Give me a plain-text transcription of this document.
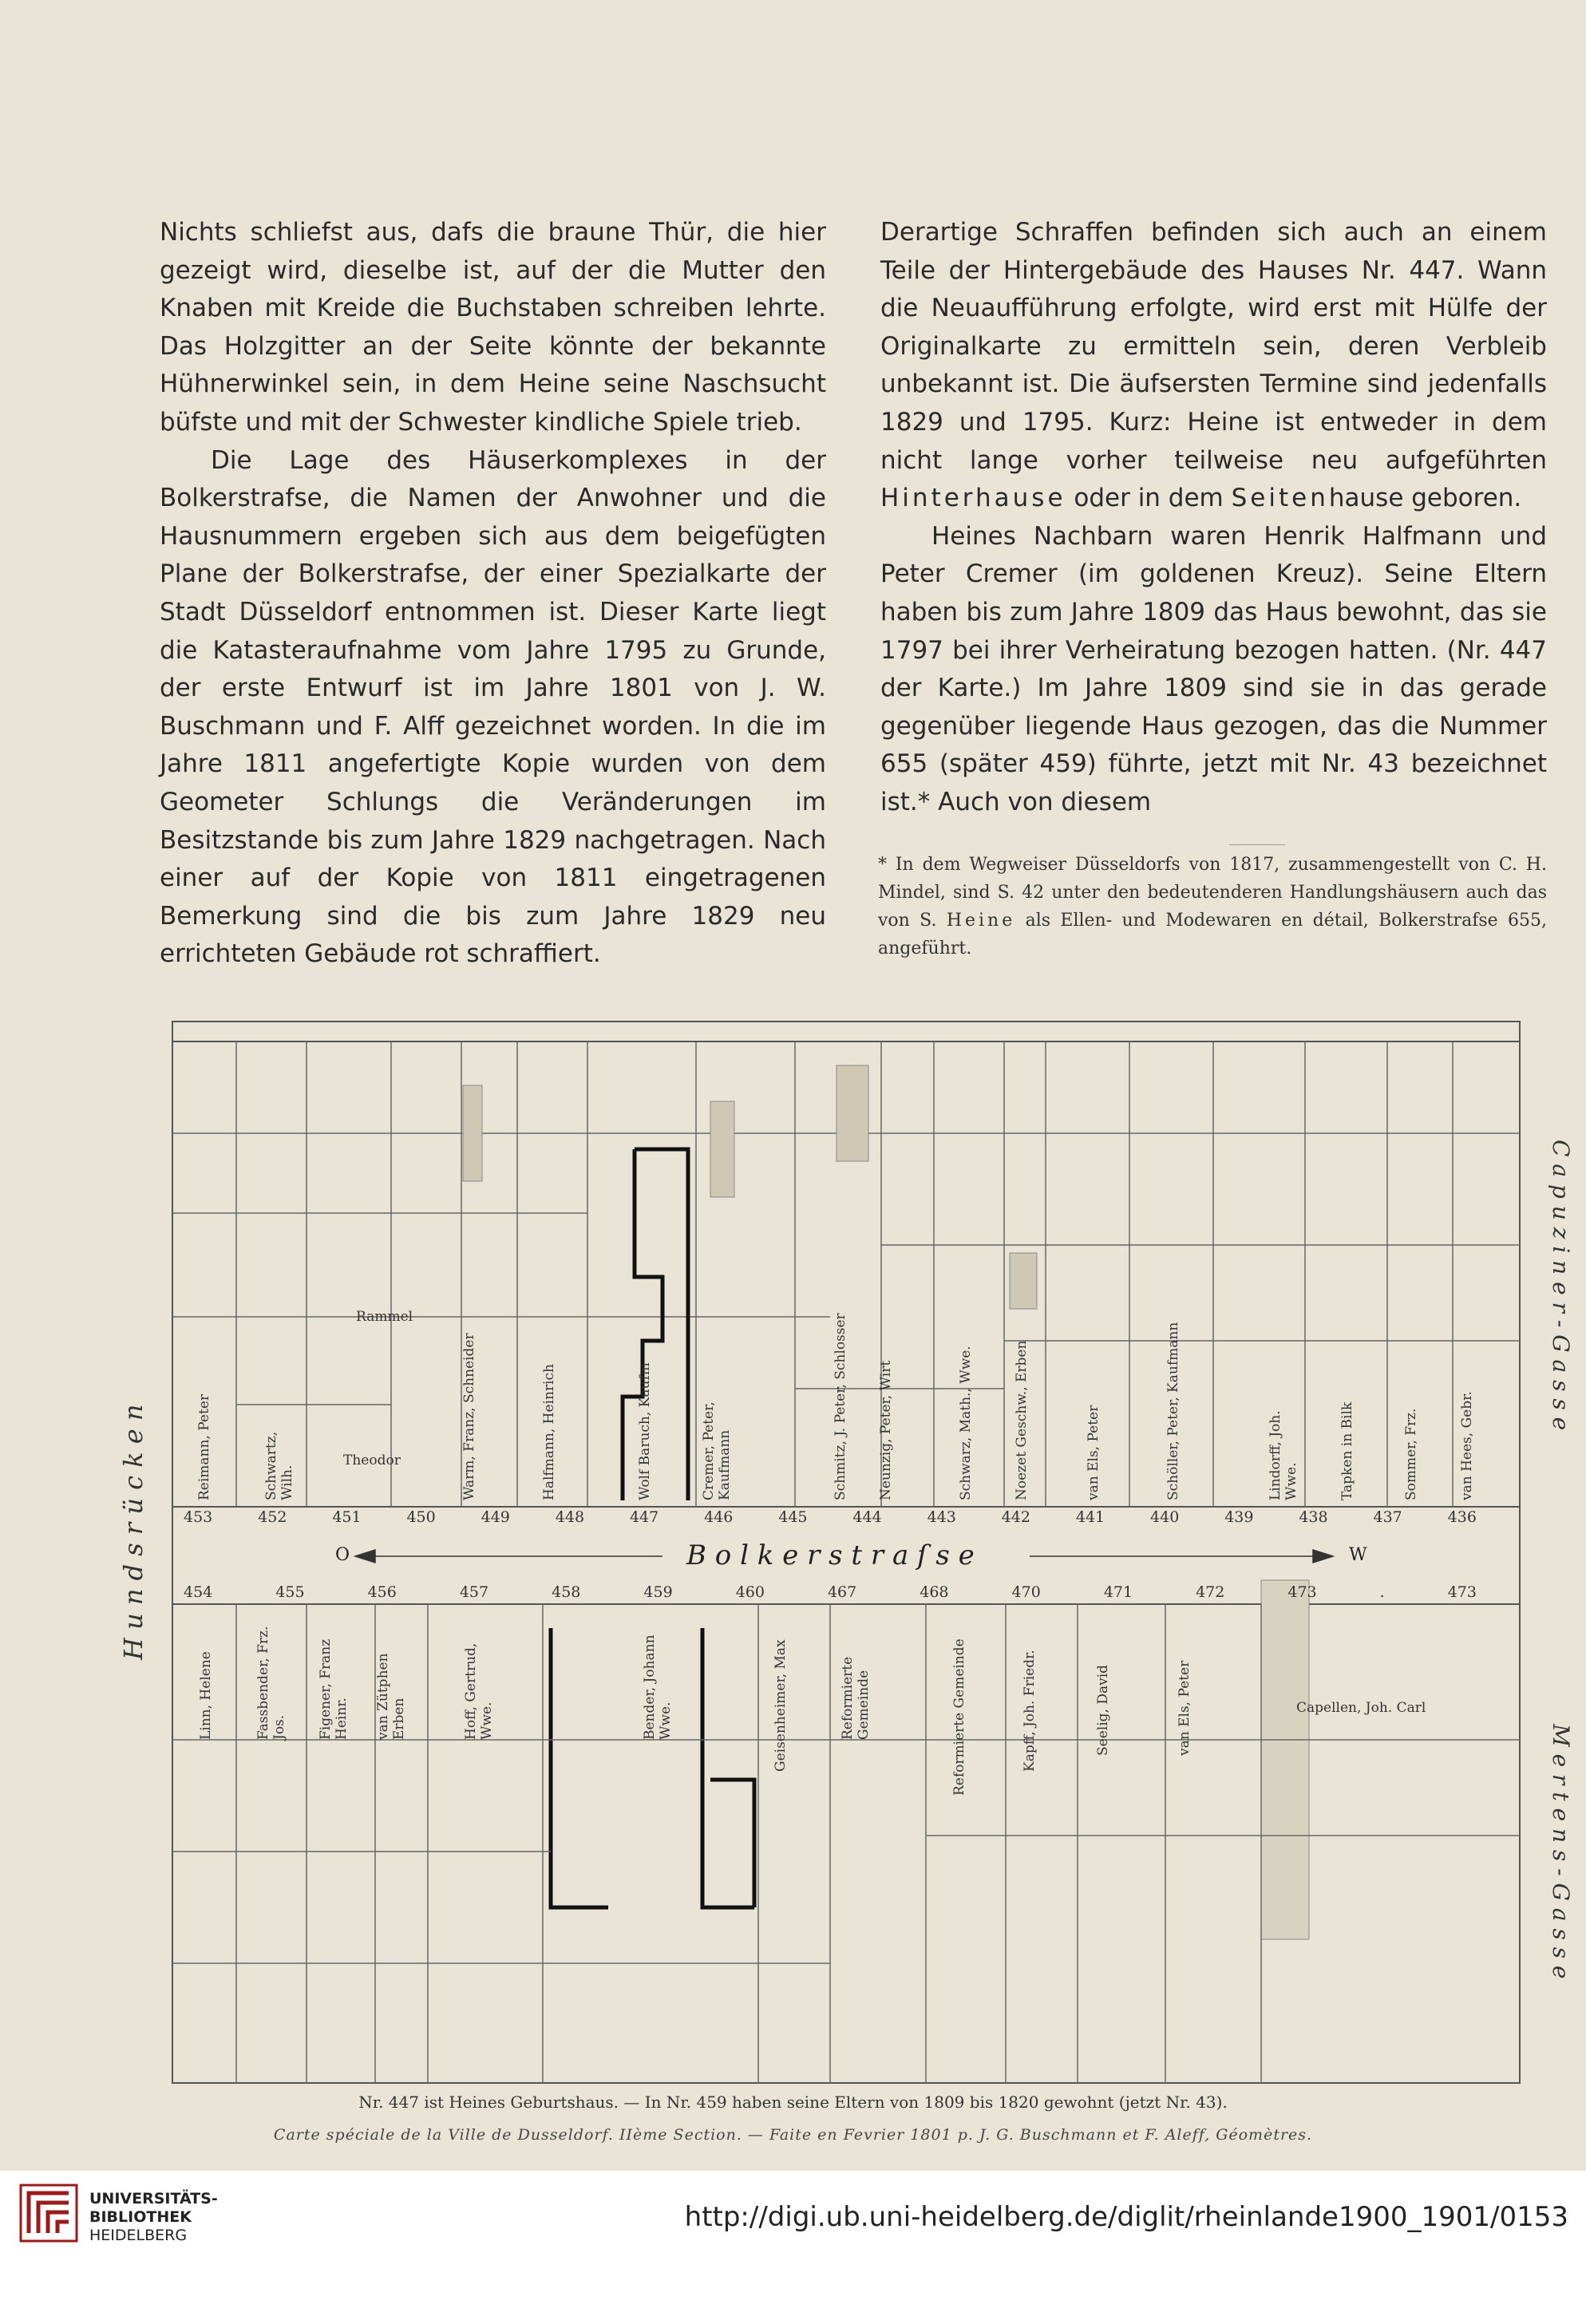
Nichts schliefst aus, dafs die braune Thür, die hier gezeigt wird, dieselbe ist, auf der die Mutter den Knaben mit Kreide die Buchstaben schreiben lehrte. Das Holzgitter an der Seite könnte der bekannte Hühnerwinkel sein, in dem Heine seine Naschsucht büfste und mit der Schwester kindliche Spiele trieb.

Die Lage des Häuserkomplexes in der Bolkerstrafse, die Namen der Anwohner und die Hausnummern ergeben sich aus dem beigefügten Plane der Bolkerstrafse, der einer Spezialkarte der Stadt Düsseldorf entnommen ist. Dieser Karte liegt die Katasteraufnahme vom Jahre 1795 zu Grunde, der erste Entwurf ist im Jahre 1801 von J. W. Buschmann und F. Alff gezeichnet worden. In die im Jahre 1811 angefertigte Kopie wurden von dem Geometer Schlungs die Veränderungen im Besitzstande bis zum Jahre 1829 nachgetragen. Nach einer auf der Kopie von 1811 eingetragenen Bemerkung sind die bis zum Jahre 1829 neu errichteten Gebäude rot schraffiert.

Derartige Schraffen befinden sich auch an einem Teile der Hintergebäude des Hauses Nr. 447. Wann die Neuaufführung erfolgte, wird erst mit Hülfe der Originalkarte zu ermitteln sein, deren Verbleib unbekannt ist. Die äufsersten Termine sind jedenfalls 1829 und 1795. Kurz: Heine ist entweder in dem nicht lange vorher teilweise neu aufgeführten Hinterhause oder in dem Seitenhause geboren.

Heines Nachbarn waren Henrik Halfmann und Peter Cremer (im goldenen Kreuz). Seine Eltern haben bis zum Jahre 1809 das Haus bewohnt, das sie 1797 bei ihrer Verheiratung bezogen hatten. (Nr. 447 der Karte.) Im Jahre 1809 sind sie in das gerade gegenüber liegende Haus gezogen, das die Nummer 655 (später 459) führte, jetzt mit Nr. 43 bezeichnet ist.* Auch von diesem

* In dem Wegweiser Düsseldorfs von 1817, zusammengestellt von C. H. Mindel, sind S. 42 unter den bedeutenderen Handlungshäusern auch das von S. Heine als Ellen- und Modewaren en détail, Bolkerstrafse 655, angeführt.
B o l k e r s t r a ſ s e
O	W
H u n d s r ü c k e n
C a p u z i n e r - G a s s e
M e r t e n s - G a s s e
453	452	451	450	449	448	447	446	445	444	443	442	441	440	439	438	437	436
454	455	456	457	458	459	460	467	468	470	471	472	473	.	473
Reimann, Peter	Schwartz, Wilh.
Rammel
Theodor	Warm, Franz, Schneider	Halfmann, Heinrich	Wolf Baruch, Kaufm	Cremer, Peter, Kaufmann	Schmitz, J. Peter, Schlosser Neunzig, Peter, Wirt	Schwarz, Math., Wwe.	Noezet Geschw., Erben	van Els, Peter	Schöller, Peter, Kaufmann	Lindorff, Joh. Wwe.	Tapken in Bilk	Sommer, Frz.	van Hees, Gebr.
Linn, Helene	Fassbender, Frz. Jos. Figener, Franz Heinr. van Zütphen Erben	Hoff, Gertrud, Wwe.	Bender, Johann Wwe.	Geisenheimer, Max	Reformierte Gemeinde	Reformierte Gemeinde	Kapff, Joh. Friedr.	Seelig, David	van Els, Peter	Capellen, Joh. Carl
Nr. 447 ist Heines Geburtshaus. — In Nr. 459 haben seine Eltern von 1809 bis 1820 gewohnt (jetzt Nr. 43).
Carte spéciale de la Ville de Dusseldorf. IIème Section. — Faite en Fevrier 1801 p. J. G. Buschmann et F. Aleff, Géomètres.
UNIVERSITÄTS-
BIBLIOTHEK
HEIDELBERG
http://digi.ub.uni-heidelberg.de/diglit/rheinlande1900_1901/0153
